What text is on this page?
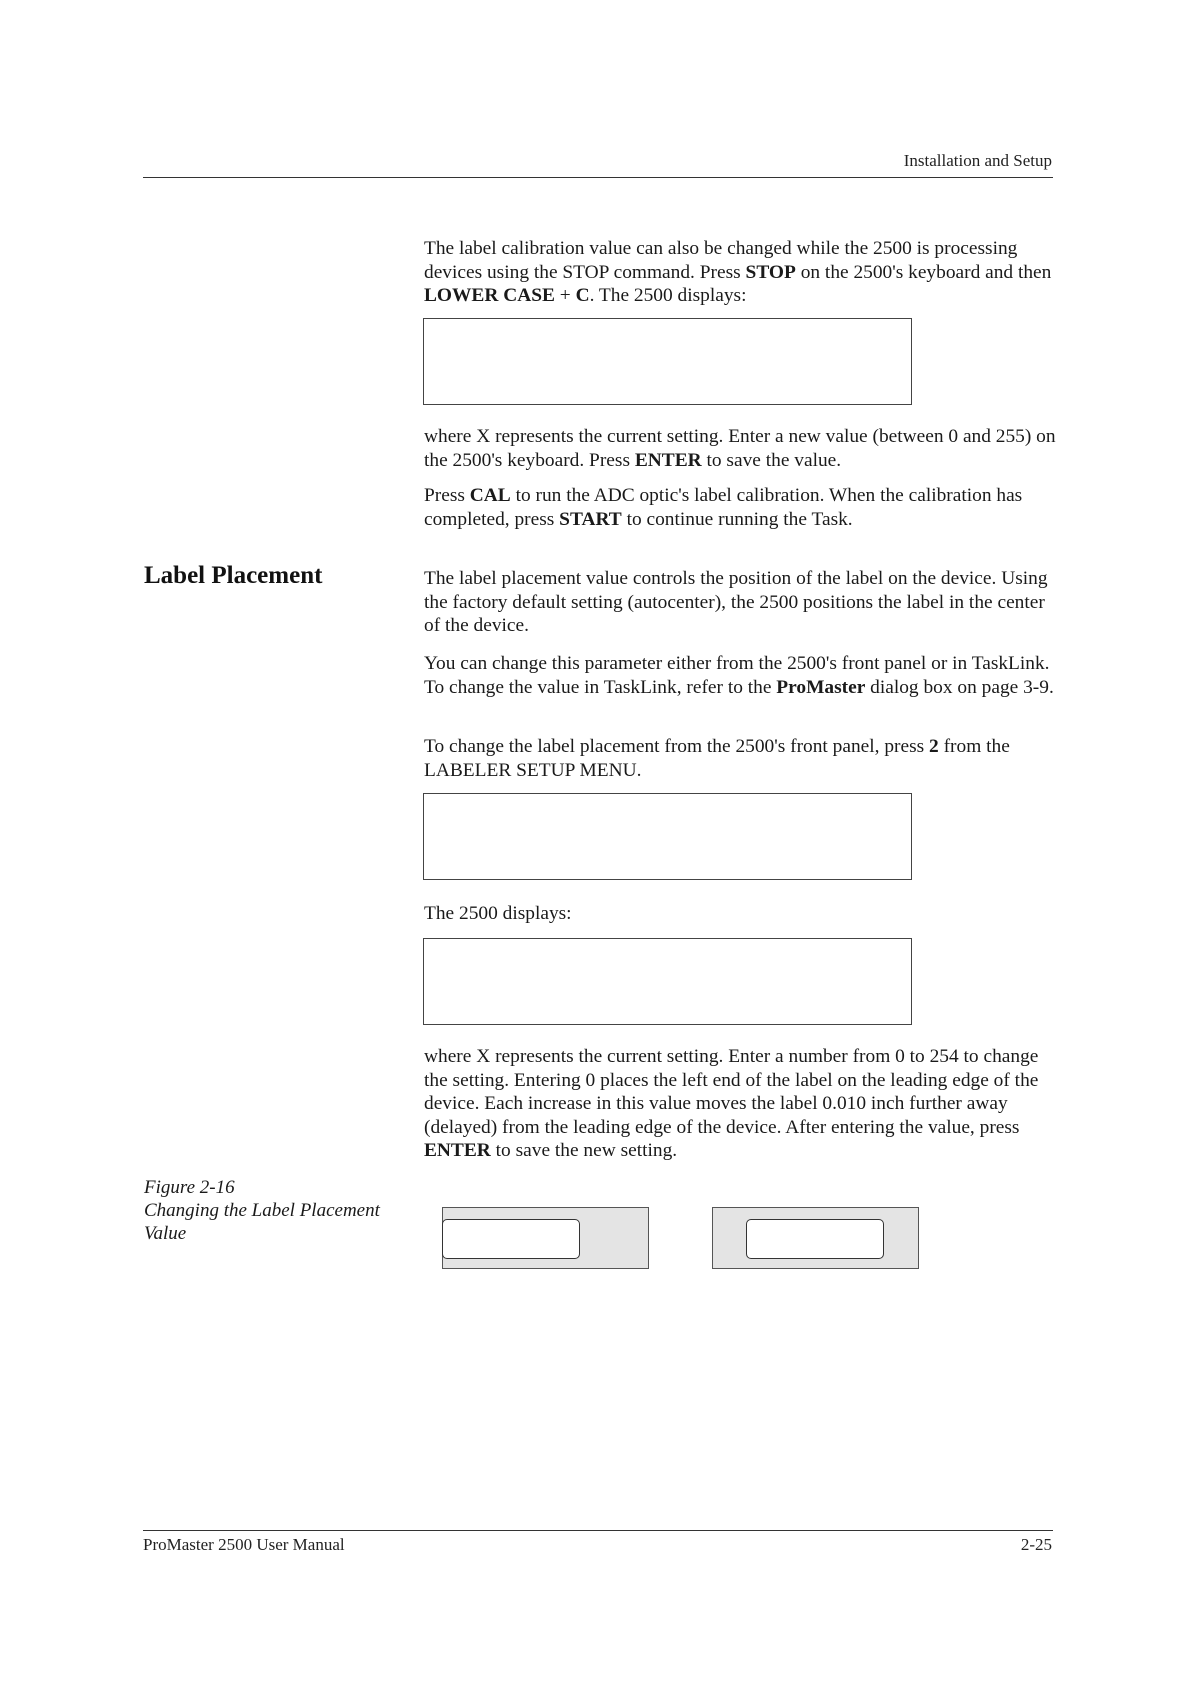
Installation and Setup

The label calibration value can also be changed while the 2500 is processing devices using the STOP command. Press STOP on the 2500's keyboard and then LOWER CASE + C. The 2500 displays:

where X represents the current setting. Enter a new value (between 0 and 255) on the 2500's keyboard. Press ENTER to save the value.

Press CAL to run the ADC optic's label calibration. When the calibration has completed, press START to continue running the Task.

Label Placement	The label placement value controls the position of the label on the device. Using the factory default setting (autocenter), the 2500 positions the label in the center of the device.

You can change this parameter either from the 2500's front panel or in TaskLink. To change the value in TaskLink, refer to the ProMaster dialog box on page 3-9.

To change the label placement from the 2500's front panel, press 2 from the LABELER SETUP MENU.

The 2500 displays:

where X represents the current setting. Enter a number from 0 to 254 to change the setting. Entering 0 places the left end of the label on the leading edge of the device. Each increase in this value moves the label 0.010 inch further away (delayed) from the leading edge of the device. After entering the value, press ENTER to save the new setting.

Figure 2-16
Changing the Label Placement
Value
ProMaster 2500 User Manual	2-25
